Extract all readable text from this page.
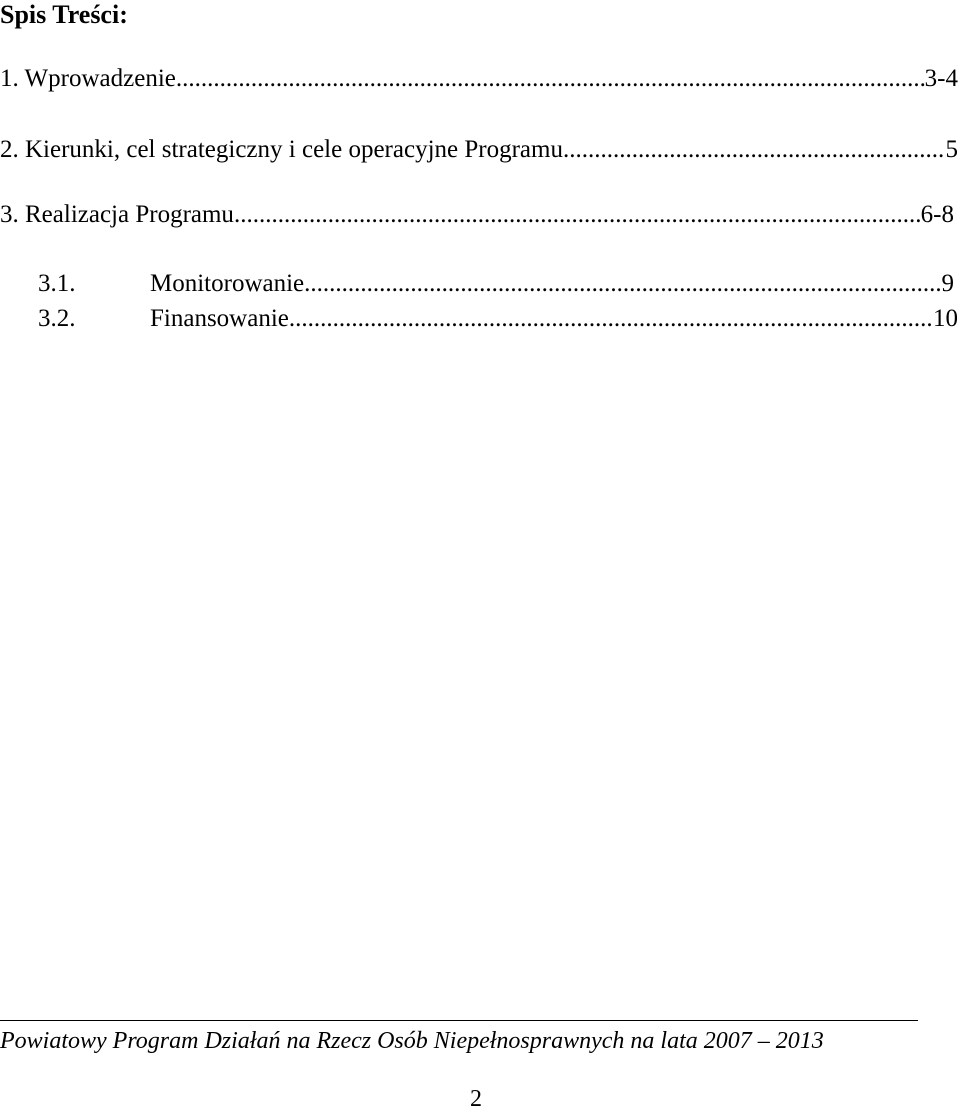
Spis Treści:
1. Wprowadzenie .....	3-4
2. Kierunki, cel strategiczny i cele operacyjne Programu .....	5
3. Realizacja Programu .....	6-8
3.1.	Monitorowanie .....	9
3.2.	Finansowanie .....	10
Powiatowy Program Działań na Rzecz Osób Niepełnosprawnych na lata 2007 – 2013
2
